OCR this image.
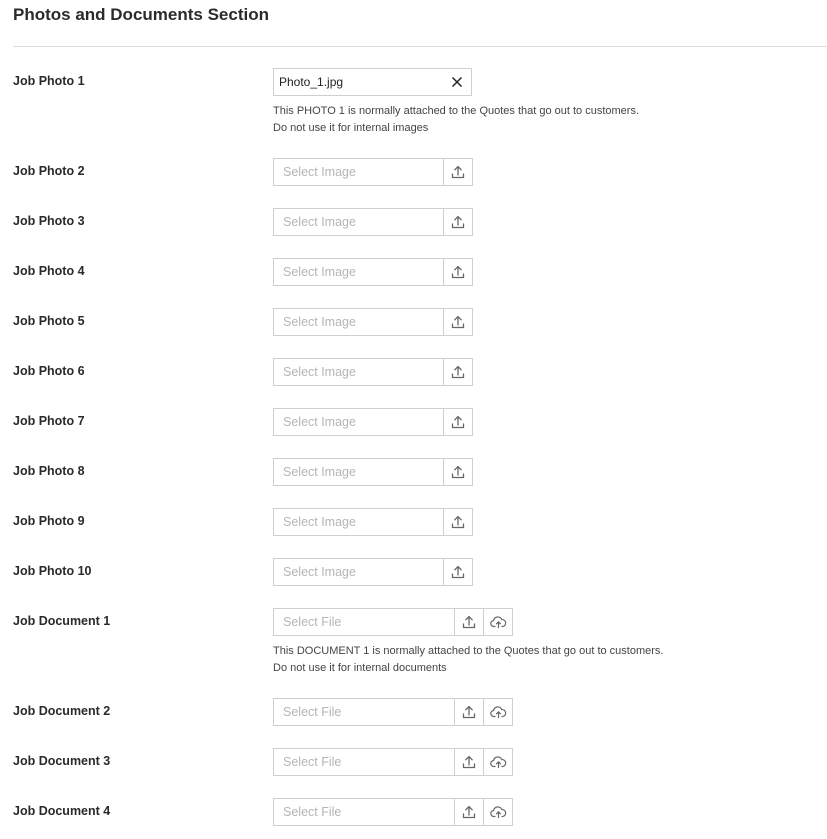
Photos and Documents Section
Job Photo 1	Photo_1.jpg
This PHOTO 1 is normally attached to the Quotes that go out to customers.
Do not use it for internal images
Job Photo 2	Select Image
Job Photo 3	Select Image
Job Photo 4	Select Image
Job Photo 5	Select Image
Job Photo 6	Select Image
Job Photo 7	Select Image
Job Photo 8	Select Image
Job Photo 9	Select Image
Job Photo 10	Select Image
Job Document 1	Select File
This DOCUMENT 1 is normally attached to the Quotes that go out to customers.
Do not use it for internal documents
Job Document 2	Select File
Job Document 3	Select File
Job Document 4	Select File
